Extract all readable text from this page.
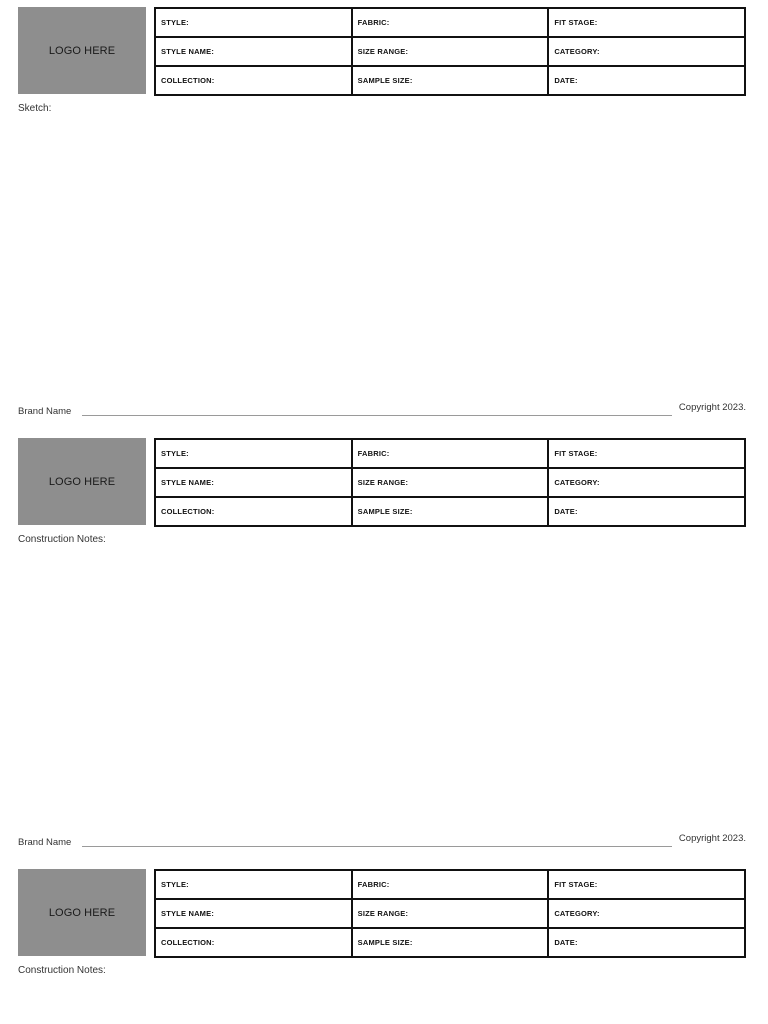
LOGO HERE
STYLE:	FABRIC:	FIT STAGE:
STYLE NAME:	SIZE RANGE:	CATEGORY:
COLLECTION:	SAMPLE SIZE:	DATE:
Sketch:
Brand Name	Copyright 2023.
LOGO HERE
STYLE:	FABRIC:	FIT STAGE:
STYLE NAME:	SIZE RANGE:	CATEGORY:
COLLECTION:	SAMPLE SIZE:	DATE:
Construction Notes:
Brand Name	Copyright 2023.
LOGO HERE
STYLE:	FABRIC:	FIT STAGE:
STYLE NAME:	SIZE RANGE:	CATEGORY:
COLLECTION:	SAMPLE SIZE:	DATE:
Construction Notes:
